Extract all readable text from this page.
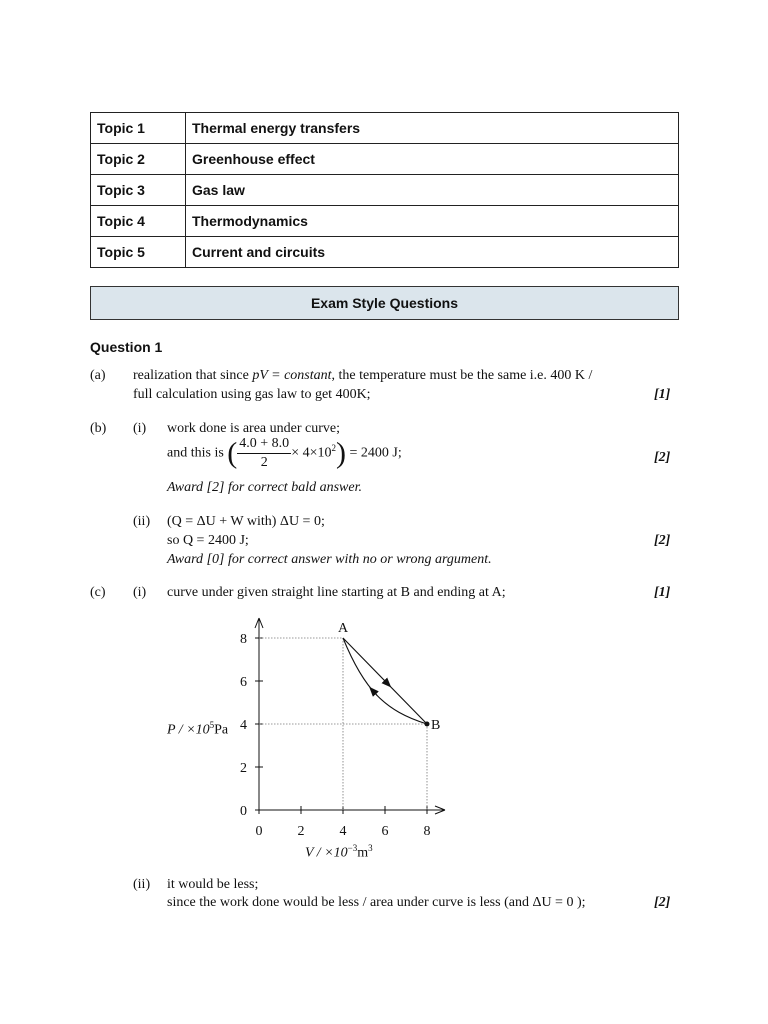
Topic 1	Thermal energy transfers
Topic 2	Greenhouse effect
Topic 3	Gas law
Topic 4	Thermodynamics
Topic 5	Current and circuits
Exam Style Questions
Question 1
(a) realization that since pV = constant, the temperature must be the same i.e. 400 K /
full calculation using gas law to get 400K;	[1]
(b) (i) work done is area under curve;
and this is ( $\frac{4.0 + 8.0}{2} \times 4\times 10^2) = 2400$ J;	[2]
Award [2] for correct bald answer.
(ii) (Q = ΔU + W with) ΔU = 0;
so Q = 2400 J;	[2]
Award [0] for correct answer with no or wrong argument.
(c) (i) curve under given straight line starting at B and ending at A;	[1]
0	2	4	6	8
0
2
4
6
8
A
B
$P / \times 10^5Pa$
$V / \times 10^{-3}m^3$
(ii) it would be less;
since the work done would be less / area under curve is less (and ΔU = 0 );	[2]
